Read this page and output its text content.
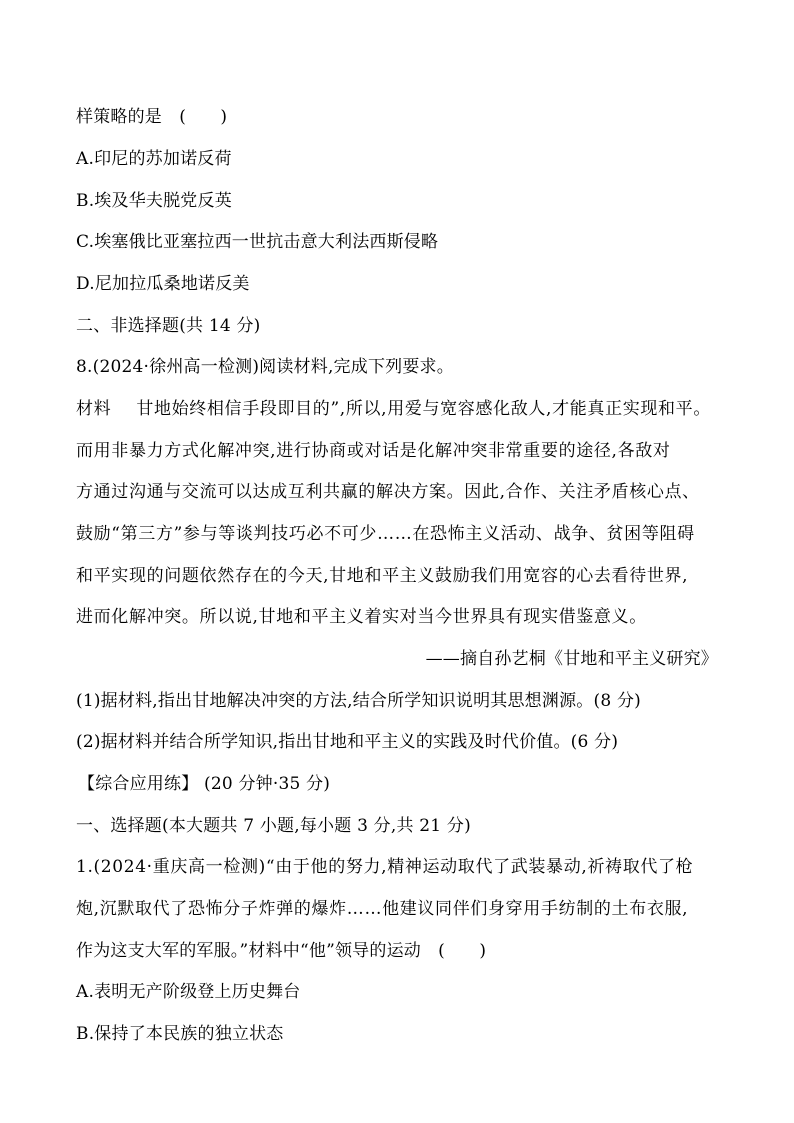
样策略的是　(　　)
A.印尼的苏加诺反荷
B.埃及华夫脱党反英
C.埃塞俄比亚塞拉西一世抗击意大利法西斯侵略
D.尼加拉瓜桑地诺反美
二、非选择题(共 14 分)
8.(2024·徐州高一检测)阅读材料,完成下列要求。
材料 甘地始终相信手段即目的”,所以,用爱与宽容感化敌人,才能真正实现和平。
而用非暴力方式化解冲突,进行协商或对话是化解冲突非常重要的途径,各敌对
方通过沟通与交流可以达成互利共赢的解决方案。因此,合作、关注矛盾核心点、
鼓励“第三方”参与等谈判技巧必不可少……在恐怖主义活动、战争、贫困等阻碍
和平实现的问题依然存在的今天,甘地和平主义鼓励我们用宽容的心去看待世界,
进而化解冲突。所以说,甘地和平主义着实对当今世界具有现实借鉴意义。
——摘自孙艺桐《甘地和平主义研究》
(1)据材料,指出甘地解决冲突的方法,结合所学知识说明其思想渊源。(8 分)
(2)据材料并结合所学知识,指出甘地和平主义的实践及时代价值。(6 分)
【综合应用练】 (20 分钟·35 分)
一、选择题(本大题共 7 小题,每小题 3 分,共 21 分)
1.(2024·重庆高一检测)“由于他的努力,精神运动取代了武装暴动,祈祷取代了枪
炮,沉默取代了恐怖分子炸弹的爆炸……他建议同伴们身穿用手纺制的土布衣服,
作为这支大军的军服。”材料中“他”领导的运动　(　　)
A.表明无产阶级登上历史舞台
B.保持了本民族的独立状态
